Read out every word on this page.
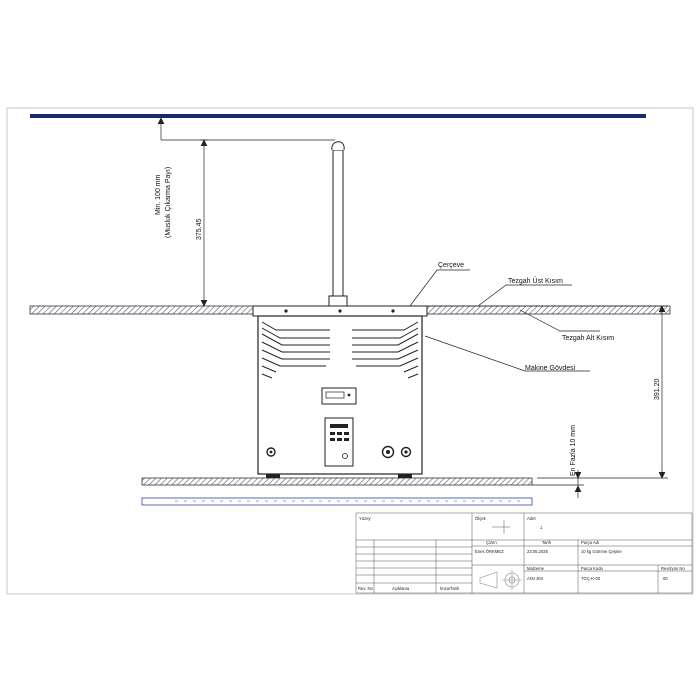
Çerçeve
Tezgah Üst Kısım
Tezgah Alt Kısım
Makine Gövdesi
Min. 100 mm (Musluk Çıkarma Payı)	375.45
391.20
En Fazla 10 mm
Yüzey	Ölçek	Adet
1
Çizen	Tarih	Parça Adı
Enes ÖRKMEZ	23.05.2025	10 kg Gömme Çeşme
Malzeme	Parça Kodu	Revizyon No
AISI 304	TGÇ-K-00	00
Rev. No	Açıklama	İmza/Tarih
